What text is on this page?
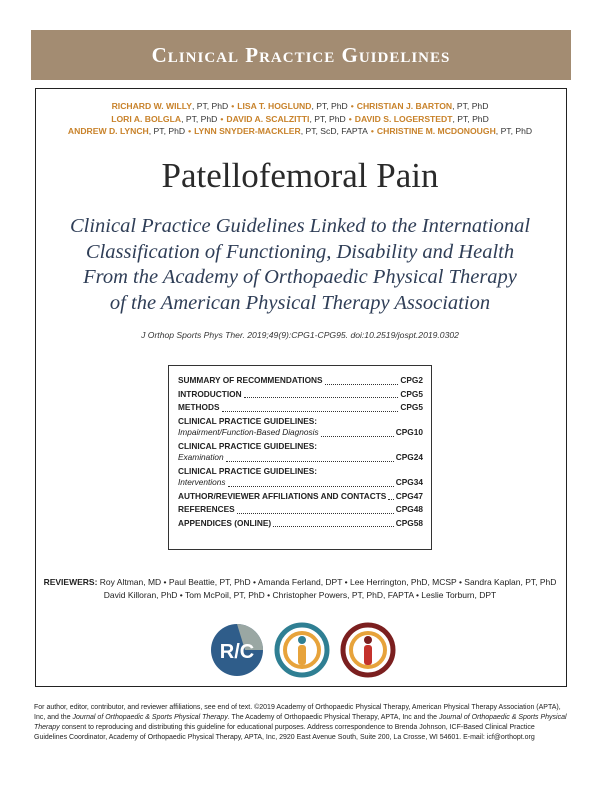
Clinical Practice Guidelines
RICHARD W. WILLY, PT, PhD • LISA T. HOGLUND, PT, PhD • CHRISTIAN J. BARTON, PT, PhD
LORI A. BOLGLA, PT, PhD • DAVID A. SCALZITTI, PT, PhD • DAVID S. LOGERSTEDT, PT, PhD
ANDREW D. LYNCH, PT, PhD • LYNN SNYDER-MACKLER, PT, ScD, FAPTA • CHRISTINE M. MCDONOUGH, PT, PhD
Patellofemoral Pain
Clinical Practice Guidelines Linked to the International
Classification of Functioning, Disability and Health
From the Academy of Orthopaedic Physical Therapy
of the American Physical Therapy Association
J Orthop Sports Phys Ther. 2019;49(9):CPG1-CPG95. doi:10.2519/jospt.2019.0302
SUMMARY OF RECOMMENDATIONS	CPG2
INTRODUCTION	CPG5
METHODS	CPG5
CLINICAL PRACTICE GUIDELINES:
Impairment/Function-Based Diagnosis	CPG10
CLINICAL PRACTICE GUIDELINES:
Examination	CPG24
CLINICAL PRACTICE GUIDELINES:
Interventions	CPG34
AUTHOR/REVIEWER AFFILIATIONS AND CONTACTS CPG47
REFERENCES	CPG48
APPENDICES (ONLINE)	CPG58
REVIEWERS: Roy Altman, MD • Paul Beattie, PT, PhD • Amanda Ferland, DPT • Lee Herrington, PhD, MCSP • Sandra Kaplan, PT, PhD
David Killoran, PhD • Tom McPoil, PT, PhD • Christopher Powers, PT, PhD, FAPTA • Leslie Torburn, DPT
R/C
For author, editor, contributor, and reviewer affiliations, see end of text. ©2019 Academy of Orthopaedic Physical Therapy, American Physical Therapy Association (APTA), Inc, and the Journal of Orthopaedic & Sports Physical Therapy. The Academy of Orthopaedic Physical Therapy, APTA, Inc and the Journal of Orthopaedic & Sports Physical Therapy consent to reproducing and distributing this guideline for educational purposes. Address correspondence to Brenda Johnson, ICF-Based Clinical Practice Guidelines Coordinator, Academy of Orthopaedic Physical Therapy, APTA, Inc, 2920 East Avenue South, Suite 200, La Crosse, WI 54601. E-mail: icf@orthopt.org
